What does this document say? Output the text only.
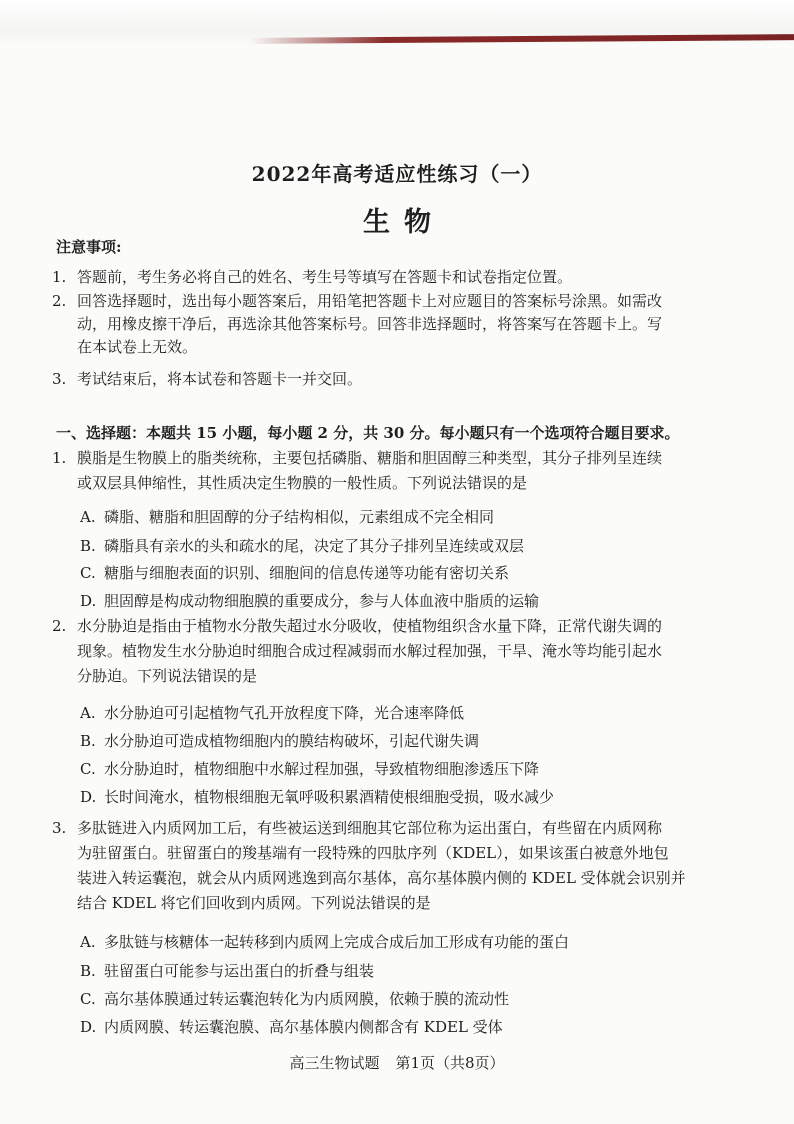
2022年高考适应性练习（一）
生物
注意事项:
1. 答题前，考生务必将自己的姓名、考生号等填写在答题卡和试卷指定位置。
2. 回答选择题时，选出每小题答案后，用铅笔把答题卡上对应题目的答案标号涂黑。如需改
动，用橡皮擦干净后，再选涂其他答案标号。回答非选择题时，将答案写在答题卡上。写
在本试卷上无效。
3. 考试结束后，将本试卷和答题卡一并交回。
一、选择题：本题共 15 小题，每小题 2 分，共 30 分。每小题只有一个选项符合题目要求。
1. 膜脂是生物膜上的脂类统称，主要包括磷脂、糖脂和胆固醇三种类型，其分子排列呈连续
或双层具伸缩性，其性质决定生物膜的一般性质。下列说法错误的是
A. 磷脂、糖脂和胆固醇的分子结构相似，元素组成不完全相同
B. 磷脂具有亲水的头和疏水的尾，决定了其分子排列呈连续或双层
C. 糖脂与细胞表面的识别、细胞间的信息传递等功能有密切关系
D. 胆固醇是构成动物细胞膜的重要成分，参与人体血液中脂质的运输
2. 水分胁迫是指由于植物水分散失超过水分吸收，使植物组织含水量下降，正常代谢失调的
现象。植物发生水分胁迫时细胞合成过程减弱而水解过程加强，干旱、淹水等均能引起水
分胁迫。下列说法错误的是
A. 水分胁迫可引起植物气孔开放程度下降，光合速率降低
B. 水分胁迫可造成植物细胞内的膜结构破坏，引起代谢失调
C. 水分胁迫时，植物细胞中水解过程加强，导致植物细胞渗透压下降
D. 长时间淹水，植物根细胞无氧呼吸积累酒精使根细胞受损，吸水减少
3. 多肽链进入内质网加工后，有些被运送到细胞其它部位称为运出蛋白，有些留在内质网称
为驻留蛋白。驻留蛋白的羧基端有一段特殊的四肽序列（KDEL），如果该蛋白被意外地包
装进入转运囊泡，就会从内质网逃逸到高尔基体，高尔基体膜内侧的 KDEL 受体就会识别并
结合 KDEL 将它们回收到内质网。下列说法错误的是
A. 多肽链与核糖体一起转移到内质网上完成合成后加工形成有功能的蛋白
B. 驻留蛋白可能参与运出蛋白的折叠与组装
C. 高尔基体膜通过转运囊泡转化为内质网膜，依赖于膜的流动性
D. 内质网膜、转运囊泡膜、高尔基体膜内侧都含有 KDEL 受体
高三生物试题 第1页（共8页）
